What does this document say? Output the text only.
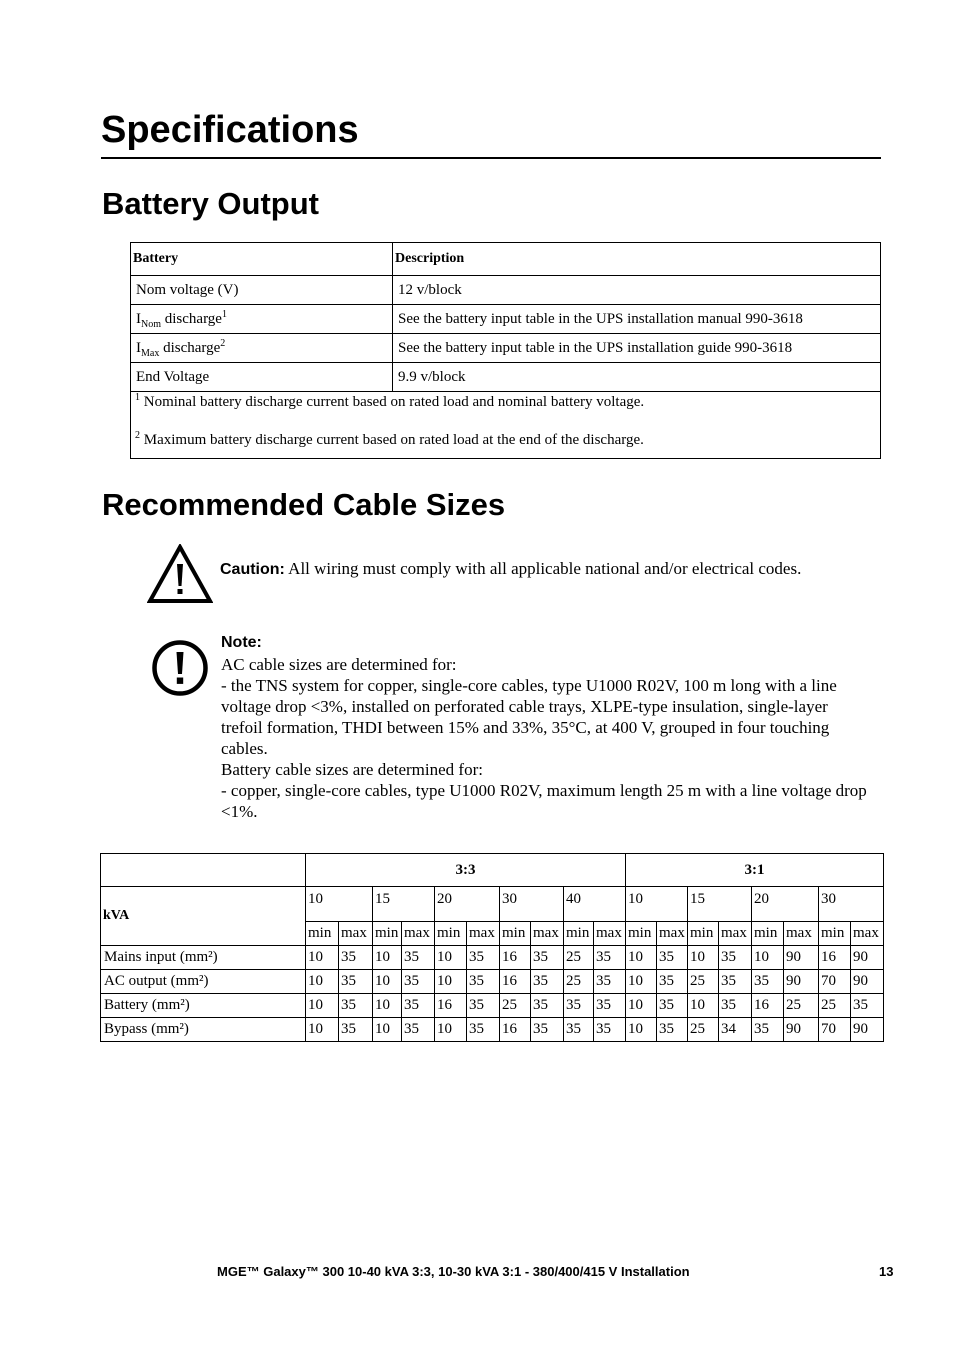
Specifications
Battery Output
Battery	Description
Nom voltage (V)	12 v/block
$I_{Nom}$ discharge$^1$	See the battery input table in the UPS installation manual 990-3618
$I_{Max}$ discharge$^2$	See the battery input table in the UPS installation guide 990-3618
End Voltage	9.9 v/block

$^1$ Nominal battery discharge current based on rated load and nominal battery voltage.
$^2$ Maximum battery discharge current based on rated load at the end of the discharge.	
Recommended Cable Sizes
Caution: All wiring must comply with all applicable national and/or electrical codes.
Note:
AC cable sizes are determined for:
- the TNS system for copper, single-core cables, type U1000 R02V, 100 m long with a line voltage drop <3%, installed on perforated cable trays, XLPE-type insulation, single-layer trefoil formation, THDI between 15% and 33%, 35°C, at 400 V, grouped in four touching cables.
Battery cable sizes are determined for:
- copper, single-core cables, type U1000 R02V, maximum length 25 m with a line voltage drop <1%.
	3:3										3:1							
kVA	10		15		20		30		40		10		15		20		30	
	min	max	min	max	min	max	min	max	min	max	min	max	min	max	min	max	min	max
Mains input (mm²)	10	35	10	35	10	35	16	35	25	35	10	35	10	35	10	90	16	90
AC output (mm²)	10	35	10	35	10	35	16	35	25	35	10	35	25	35	35	90	70	90
Battery (mm²)	10	35	10	35	16	35	25	35	35	35	10	35	10	35	16	25	25	35
Bypass (mm²)	10	35	10	35	10	35	16	35	35	35	10	35	25	34	35	90	70	90
MGE™ Galaxy™ 300 10-40 kVA 3:3, 10-30 kVA 3:1 - 380/400/415 V Installation	13
